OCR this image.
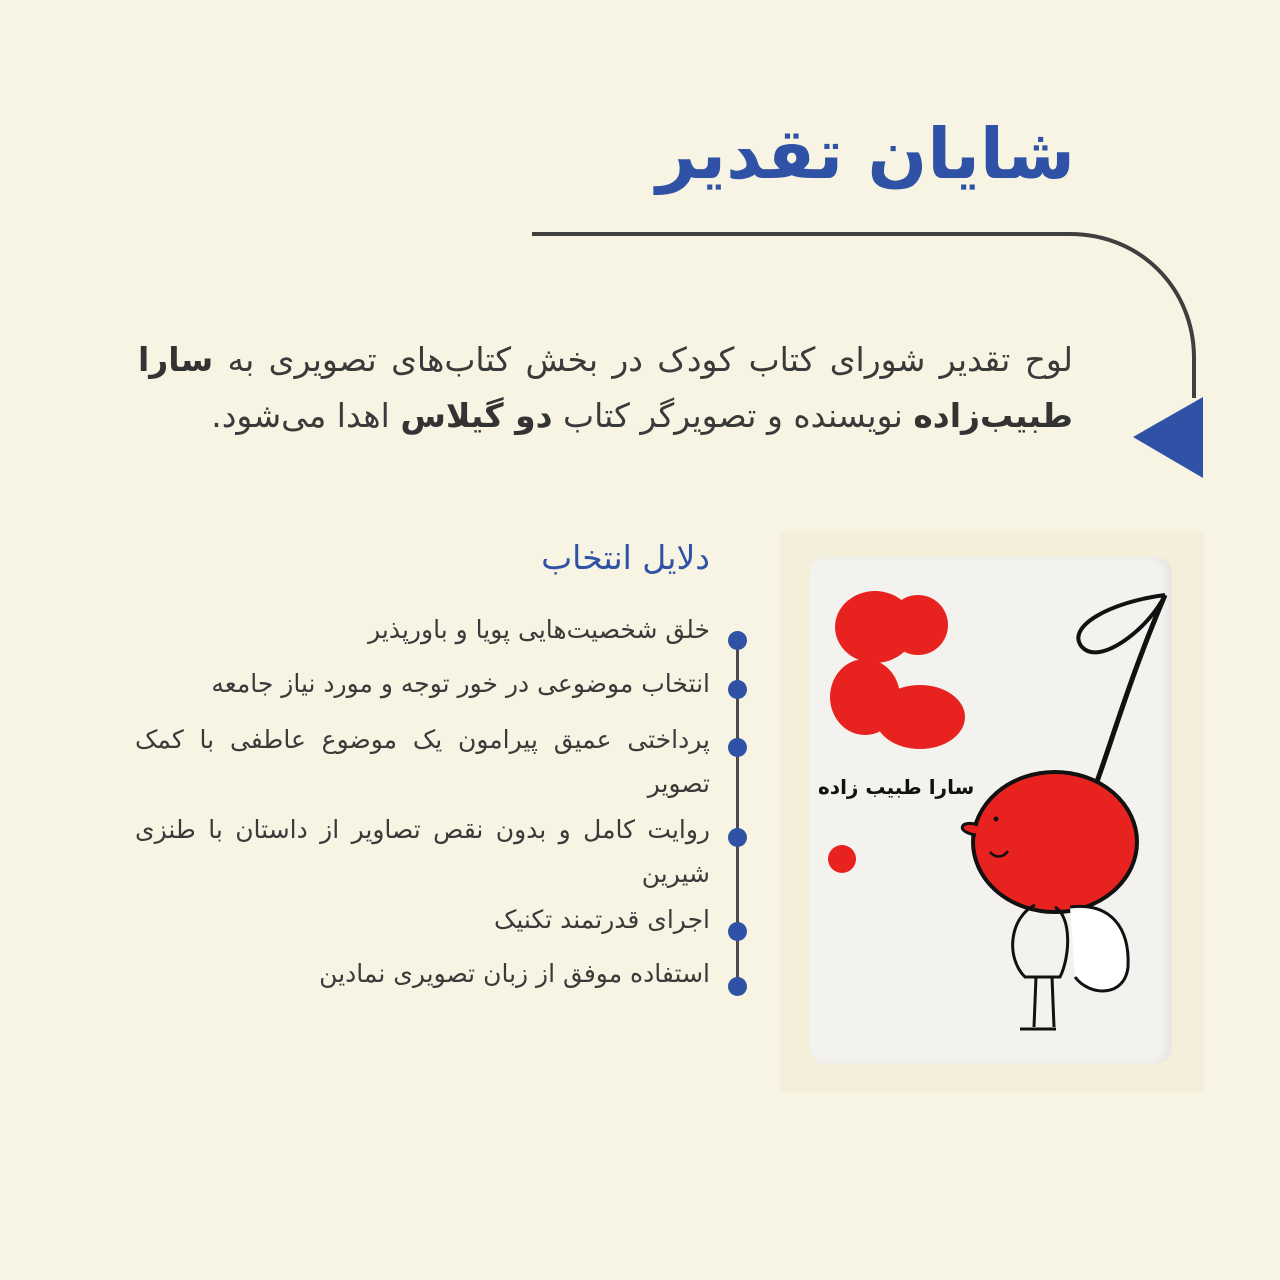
شایان تقدیر

لوح تقدیر شورای کتاب کودک در بخش کتاب‌های تصویری به سارا طبیب‌زاده نویسنده و تصویرگر کتاب دو گیلاس اهدا می‌شود.

دلایل انتخاب
خلق شخصیت‌هایی پویا و باورپذیر
انتخاب موضوعی در خور توجه و مورد نیاز جامعه
پرداختی عمیق پیرامون یک موضوع عاطفی با کمک تصویر
روایت کامل و بدون نقص تصاویر از داستان با طنزی شیرین
اجرای قدرتمند تکنیک
استفاده موفق از زبان تصویری نمادین
سارا طبیب زاده
